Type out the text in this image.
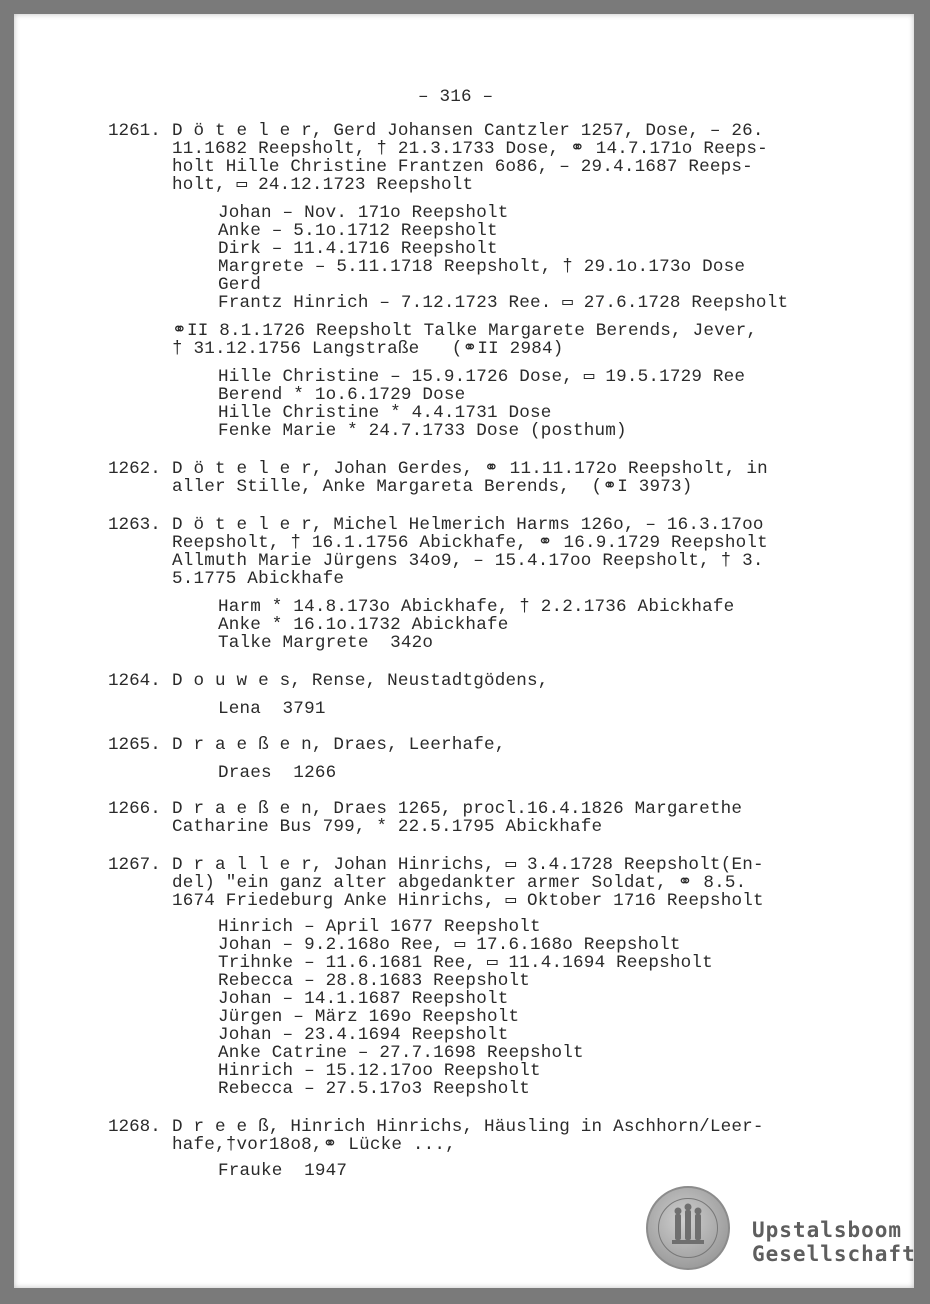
– 316 –
1261. D ö t e l e r, Gerd Johansen Cantzler 1257, Dose, – 26.
11.1682 Reepsholt, † 21.3.1733 Dose, ⚭ 14.7.171o Reeps-
holt Hille Christine Frantzen 6o86, – 29.4.1687 Reeps-
holt, ▭ 24.12.1723 Reepsholt
Johan – Nov. 171o Reepsholt
Anke – 5.1o.1712 Reepsholt
Dirk – 11.4.1716 Reepsholt
Margrete – 5.11.1718 Reepsholt, † 29.1o.173o Dose
Gerd
Frantz Hinrich – 7.12.1723 Ree. ▭ 27.6.1728 Reepsholt
⚭II 8.1.1726 Reepsholt Talke Margarete Berends, Jever,
† 31.12.1756 Langstraße   (⚭II 2984)
Hille Christine – 15.9.1726 Dose, ▭ 19.5.1729 Ree
Berend * 1o.6.1729 Dose
Hille Christine * 4.4.1731 Dose
Fenke Marie * 24.7.1733 Dose (posthum)
1262. D ö t e l e r, Johan Gerdes, ⚭ 11.11.172o Reepsholt, in
aller Stille, Anke Margareta Berends,  (⚭I 3973)
1263. D ö t e l e r, Michel Helmerich Harms 126o, – 16.3.17oo
Reepsholt, † 16.1.1756 Abickhafe, ⚭ 16.9.1729 Reepsholt
Allmuth Marie Jürgens 34o9, – 15.4.17oo Reepsholt, † 3.
5.1775 Abickhafe
Harm * 14.8.173o Abickhafe, † 2.2.1736 Abickhafe
Anke * 16.1o.1732 Abickhafe
Talke Margrete  342o
1264. D o u w e s, Rense, Neustadtgödens,
Lena  3791
1265. D r a e ß e n, Draes, Leerhafe,
Draes  1266
1266. D r a e ß e n, Draes 1265, procl.16.4.1826 Margarethe
Catharine Bus 799, * 22.5.1795 Abickhafe
1267. D r a l l e r, Johan Hinrichs, ▭ 3.4.1728 Reepsholt(En-
del) "ein ganz alter abgedankter armer Soldat, ⚭ 8.5.
1674 Friedeburg Anke Hinrichs, ▭ Oktober 1716 Reepsholt
Hinrich – April 1677 Reepsholt
Johan – 9.2.168o Ree, ▭ 17.6.168o Reepsholt
Trihnke – 11.6.1681 Ree, ▭ 11.4.1694 Reepsholt
Rebecca – 28.8.1683 Reepsholt
Johan – 14.1.1687 Reepsholt
Jürgen – März 169o Reepsholt
Johan – 23.4.1694 Reepsholt
Anke Catrine – 27.7.1698 Reepsholt
Hinrich – 15.12.17oo Reepsholt
Rebecca – 27.5.17o3 Reepsholt
1268. D r e e ß, Hinrich Hinrichs, Häusling in Aschhorn/Leer-
hafe,†vor18o8,⚭ Lücke ...,
Frauke  1947
Upstalsboom
Gesellschaft
